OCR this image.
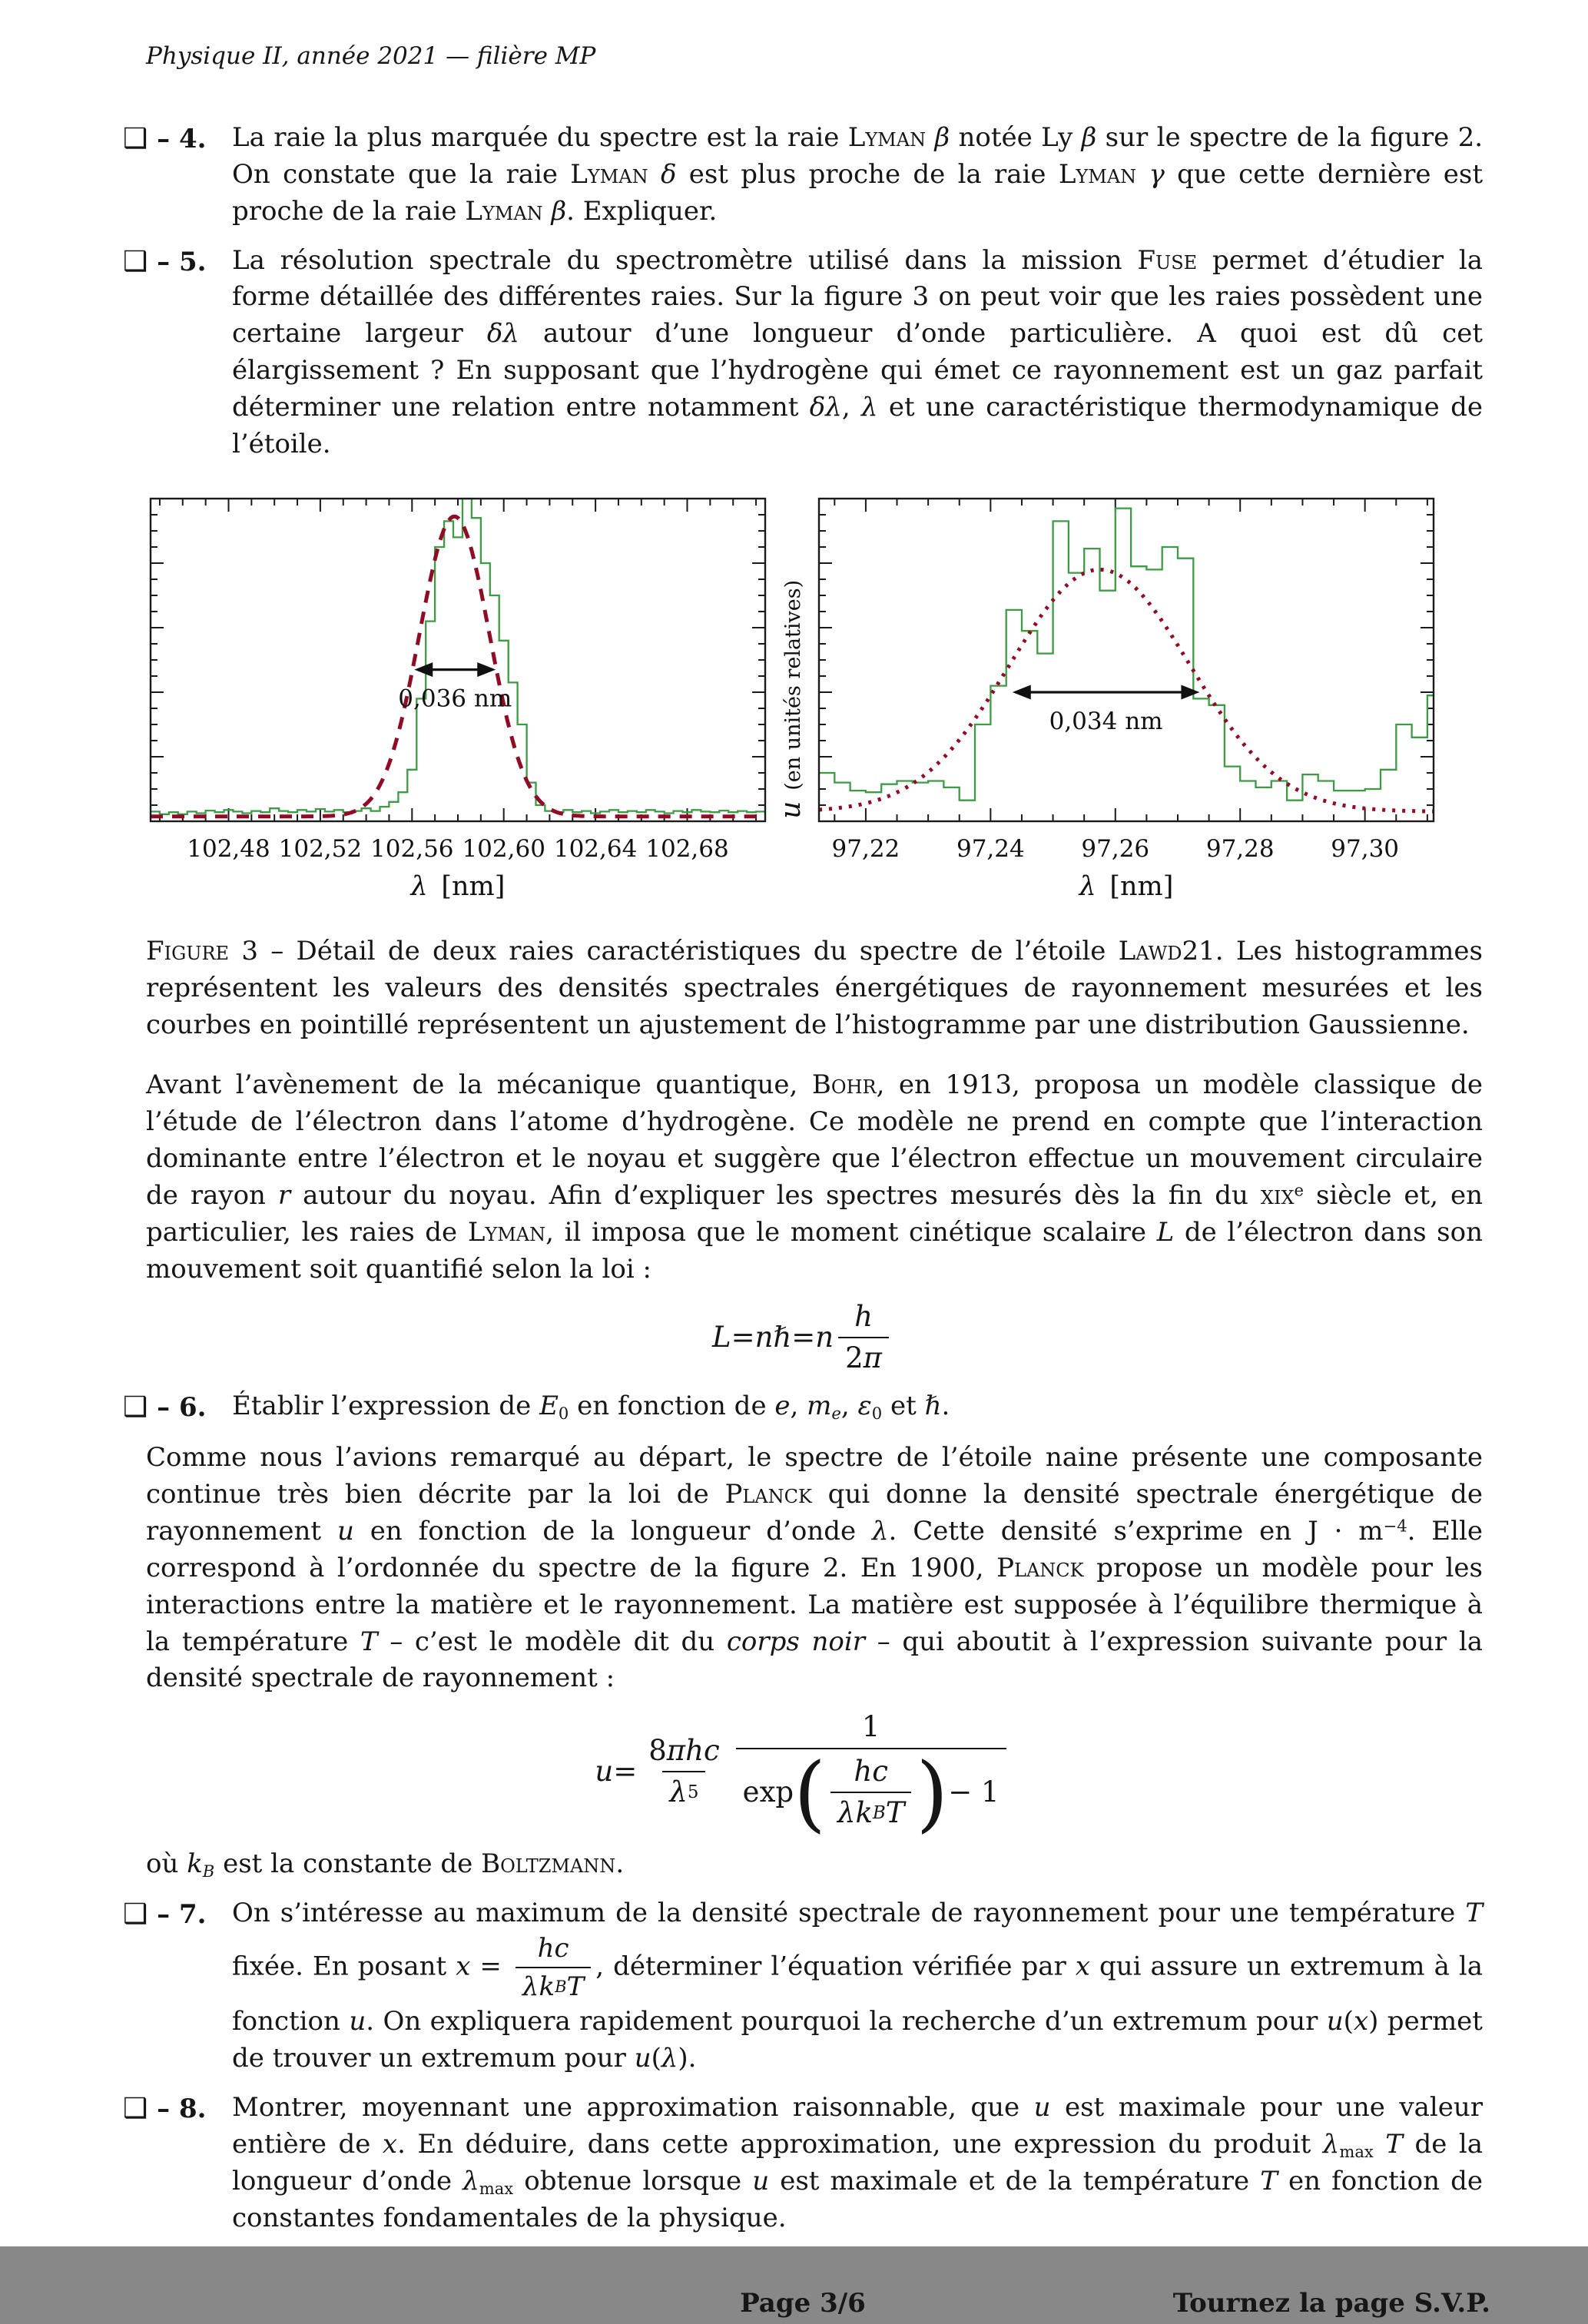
Physique II, année 2021 — filière MP
❑ – 4. La raie la plus marquée du spectre est la raie Lyman β notée Ly β sur le spectre de la figure 2. On constate que la raie Lyman δ est plus proche de la raie Lyman γ que cette dernière est proche de la raie Lyman β. Expliquer.
❑ – 5. La résolution spectrale du spectromètre utilisé dans la mission Fuse permet d’étudier la forme détaillée des différentes raies. Sur la figure 3 on peut voir que les raies possèdent une certaine largeur δλ autour d’une longueur d’onde particulière. A quoi est dû cet élargissement ? En supposant que l’hydrogène qui émet ce rayonnement est un gaz parfait déterminer une relation entre notamment δλ, λ et une caractéristique thermodynamique de l’étoile.
102,48 102,52 102,56 102,60 102,64 102,68
0,036 nm
λ [nm]
u(en unités relatives)
97,22 97,24 97,26 97,28 97,30
0,034 nm
λ [nm]

Figure 3 – Détail de deux raies caractéristiques du spectre de l’étoile Lawd21. Les histogrammes représentent les valeurs des densités spectrales énergétiques de rayonnement mesurées et les courbes en pointillé représentent un ajustement de l’histogramme par une distribution Gaussienne.

Avant l’avènement de la mécanique quantique, Bohr, en 1913, proposa un modèle classique de l’étude de l’électron dans l’atome d’hydrogène. Ce modèle ne prend en compte que l’interaction dominante entre l’électron et le noyau et suggère que l’électron effectue un mouvement circulaire de rayon r autour du noyau. Afin d’expliquer les spectres mesurés dès la fin du xix$^e$ siècle et, en particulier, les raies de Lyman, il imposa que le moment cinétique scalaire L de l’électron dans son mouvement soit quantifié selon la loi :

L = n ℏ = n $\frac{h}{2 \pi}$
❑ – 6. Établir l’expression de $E_0$ en fonction de e, $m_e$, $\varepsilon_0$ et ℏ.

Comme nous l’avions remarqué au départ, le spectre de l’étoile naine présente une composante continue très bien décrite par la loi de Planck qui donne la densité spectrale énergétique de rayonnement u en fonction de la longueur d’onde λ. Cette densité s’exprime en $J \cdot m^{-4}$. Elle correspond à l’ordonnée du spectre de la figure 2. En 1900, Planck propose un modèle pour les interactions entre la matière et le rayonnement. La matière est supposée à l’équilibre thermique à la température T – c’est le modèle dit du corps noir – qui aboutit à l’expression suivante pour la densité spectrale de rayonnement :

$u = \frac{\text{8 π hc}}{\lambda 5} \frac{1}{\exp ( \frac{hc}{\text{λk B T}} ) - 1}$

où $k_B$ est la constante de Boltzmann.

❑ – 7. On s’intéresse au maximum de la densité spectrale de rayonnement pour une température T fixée. En posant $x = \frac{hc}{\text{λk B T}}$ , déterminer l’équation vérifiée par x qui assure un extremum à la fonction u. On expliquera rapidement pourquoi la recherche d’un extremum pour u(x) permet de trouver un extremum pour u(λ).
❑ – 8. Montrer, moyennant une approximation raisonnable, que u est maximale pour une valeur entière de x. En déduire, dans cette approximation, une expression du produit $\lambda_{max}$ T de la longueur d’onde $\lambda_{max}$ obtenue lorsque u est maximale et de la température T en fonction de constantes fondamentales de la physique.
Page 3/6	Tournez la page S.V.P.
